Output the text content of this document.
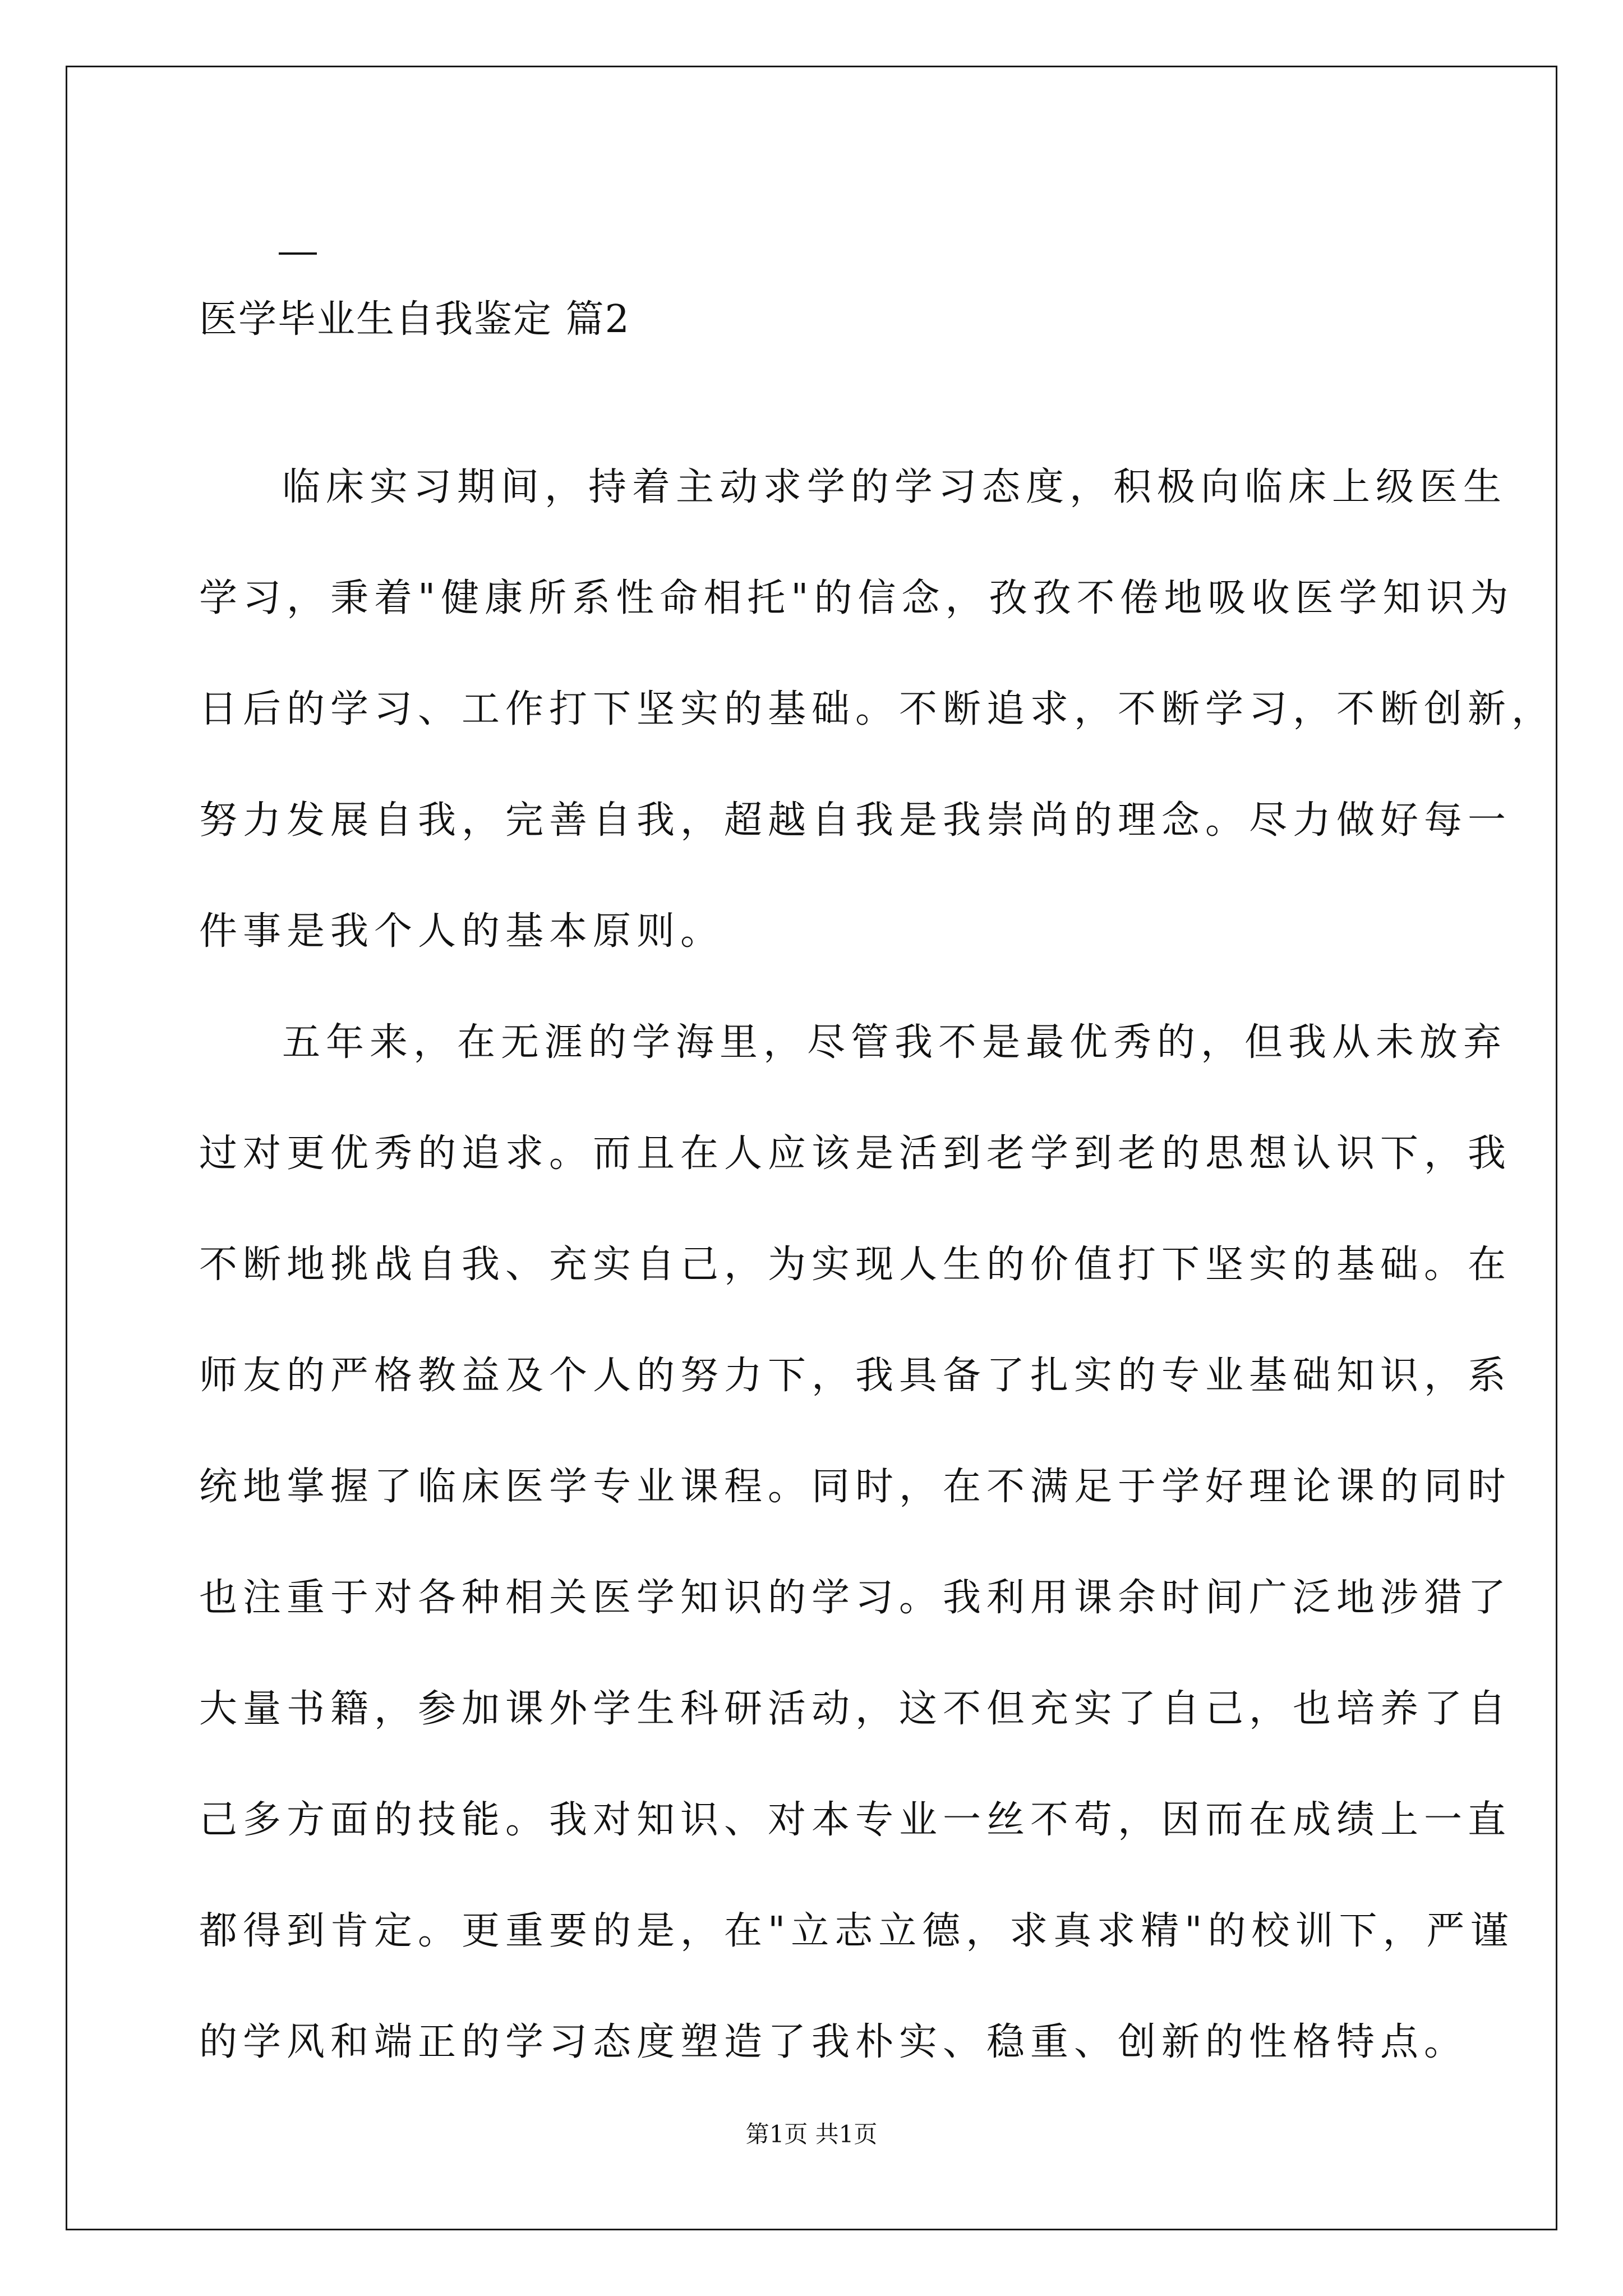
医学毕业生自我鉴定 篇2
临床实习期间，持着主动求学的学习态度，积极向临床上级医生
学习，秉着"健康所系性命相托"的信念，孜孜不倦地吸收医学知识为
日后的学习、工作打下坚实的基础。不断追求，不断学习，不断创新，
努力发展自我，完善自我，超越自我是我崇尚的理念。尽力做好每一
件事是我个人的基本原则。
五年来，在无涯的学海里，尽管我不是最优秀的，但我从未放弃
过对更优秀的追求。而且在人应该是活到老学到老的思想认识下，我
不断地挑战自我、充实自己，为实现人生的价值打下坚实的基础。在
师友的严格教益及个人的努力下，我具备了扎实的专业基础知识，系
统地掌握了临床医学专业课程。同时，在不满足于学好理论课的同时
也注重于对各种相关医学知识的学习。我利用课余时间广泛地涉猎了
大量书籍，参加课外学生科研活动，这不但充实了自己，也培养了自
己多方面的技能。我对知识、对本专业一丝不苟，因而在成绩上一直
都得到肯定。更重要的是，在"立志立德，求真求精"的校训下，严谨
的学风和端正的学习态度塑造了我朴实、稳重、创新的性格特点。
第1页 共1页
